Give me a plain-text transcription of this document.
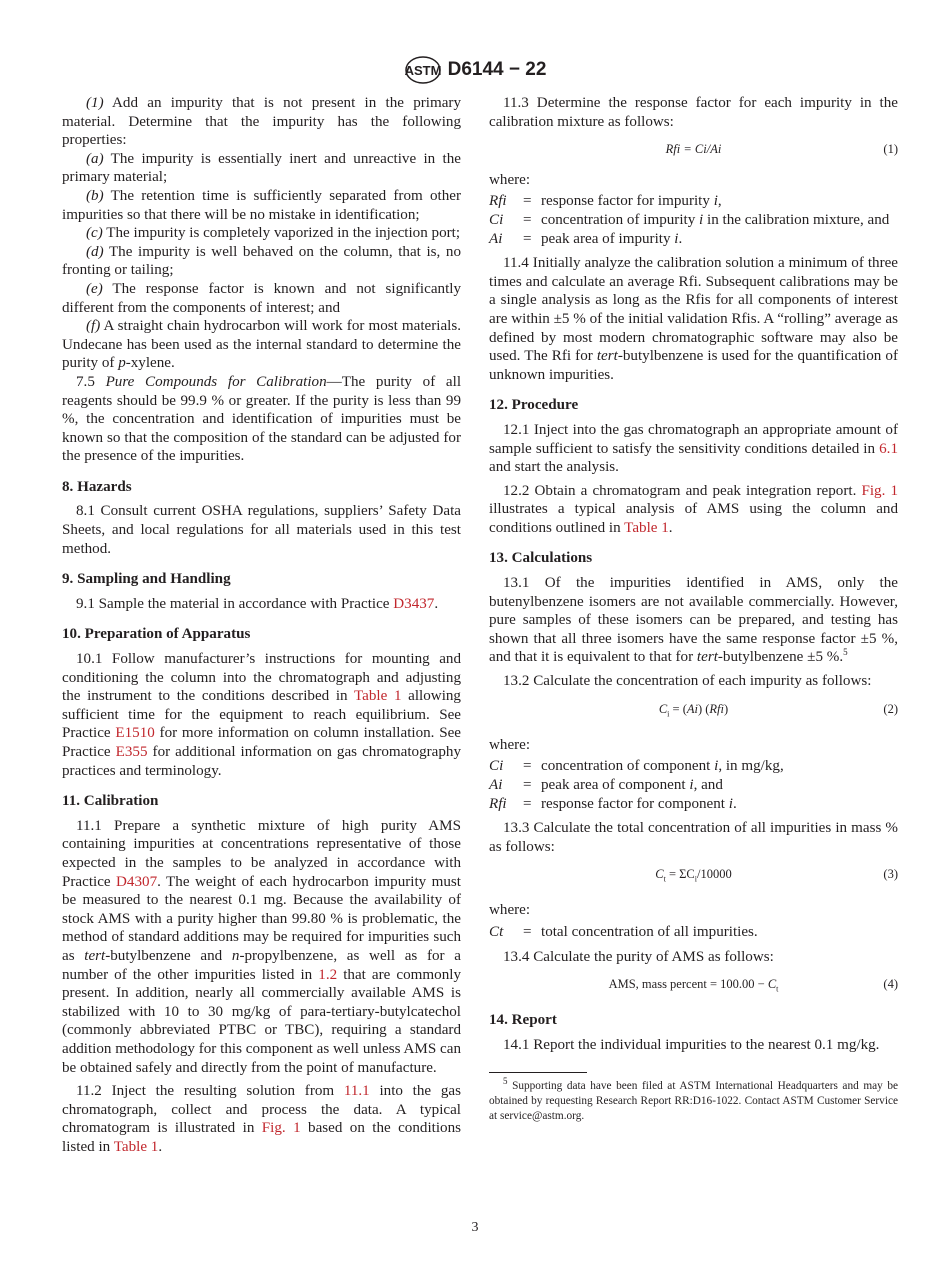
ASTM D6144 − 22
(1) Add an impurity that is not present in the primary material. Determine that the impurity has the following properties:
(a) The impurity is essentially inert and unreactive in the primary material;
(b) The retention time is sufficiently separated from other impurities so that there will be no mistake in identification;
(c) The impurity is completely vaporized in the injection port;
(d) The impurity is well behaved on the column, that is, no fronting or tailing;
(e) The response factor is known and not significantly different from the components of interest; and
(f) A straight chain hydrocarbon will work for most materials. Undecane has been used as the internal standard to determine the purity of p-xylene.
7.5 Pure Compounds for Calibration—The purity of all reagents should be 99.9 % or greater. If the purity is less than 99 %, the concentration and identification of impurities must be known so that the composition of the standard can be adjusted for the presence of the impurities.
8. Hazards
8.1 Consult current OSHA regulations, suppliers’ Safety Data Sheets, and local regulations for all materials used in this test method.
9. Sampling and Handling
9.1 Sample the material in accordance with Practice D3437.
10. Preparation of Apparatus
10.1 Follow manufacturer’s instructions for mounting and conditioning the column into the chromatograph and adjusting the instrument to the conditions described in Table 1 allowing sufficient time for the equipment to reach equilibrium. See Practice E1510 for more information on column installation. See Practice E355 for additional information on gas chromatography practices and terminology.
11. Calibration
11.1 Prepare a synthetic mixture of high purity AMS containing impurities at concentrations representative of those expected in the samples to be analyzed in accordance with Practice D4307. The weight of each hydrocarbon impurity must be measured to the nearest 0.1 mg. Because the availability of stock AMS with a purity higher than 99.80 % is problematic, the method of standard additions may be required for impurities such as tert-butylbenzene and n-propylbenzene, as well as for a number of the other impurities listed in 1.2 that are commonly present. In addition, nearly all commercially available AMS is stabilized with 10 to 30 mg/kg of para-tertiary-butylcatechol (commonly abbreviated PTBC or TBC), requiring a standard addition methodology for this component as well unless AMS can be obtained safely and directly from the point of manufacture.
11.2 Inject the resulting solution from 11.1 into the gas chromatograph, collect and process the data. A typical chromatogram is illustrated in Fig. 1 based on the conditions listed in Table 1.
11.3 Determine the response factor for each impurity in the calibration mixture as follows:
Rfi = Ci/Ai	(1)
where:
Rfi	= response factor for impurity i,
Ci	= concentration of impurity i in the calibration mixture, and
Ai	= peak area of impurity i.
11.4 Initially analyze the calibration solution a minimum of three times and calculate an average Rfi. Subsequent calibrations may be a single analysis as long as the Rfis for all components of interest are within ±5 % of the initial validation Rfis. A “rolling” average as defined by most modern chromatographic software may also be used. The Rfi for tert-butylbenzene is used for the quantification of unknown impurities.
12. Procedure
12.1 Inject into the gas chromatograph an appropriate amount of sample sufficient to satisfy the sensitivity conditions detailed in 6.1 and start the analysis.
12.2 Obtain a chromatogram and peak integration report. Fig. 1 illustrates a typical analysis of AMS using the column and conditions outlined in Table 1.
13. Calculations
13.1 Of the impurities identified in AMS, only the butenylbenzene isomers are not available commercially. However, pure samples of these isomers can be prepared, and testing has shown that all three isomers have the same response factor ±5 %, and that it is equivalent to that for tert-butylbenzene ±5 %.$^5$
13.2 Calculate the concentration of each impurity as follows:
$C_i = (Ai)$ (Rfi)	(2)
where:
Ci	= concentration of component i, in mg/kg,
Ai	= peak area of component i, and
Rfi	= response factor for component i.
13.3 Calculate the total concentration of all impurities in mass % as follows:
$C_t = \Sigma C_i/10000$	(3)
where:
Ct	= total concentration of all impurities.
13.4 Calculate the purity of AMS as follows:
AMS, mass percent = $100.00 - C_t$	(4)
14. Report
14.1 Report the individual impurities to the nearest 0.1 mg/kg.
$^5$ Supporting data have been filed at ASTM International Headquarters and may be obtained by requesting Research Report RR:D16-1022. Contact ASTM Customer Service at service@astm.org.
3
